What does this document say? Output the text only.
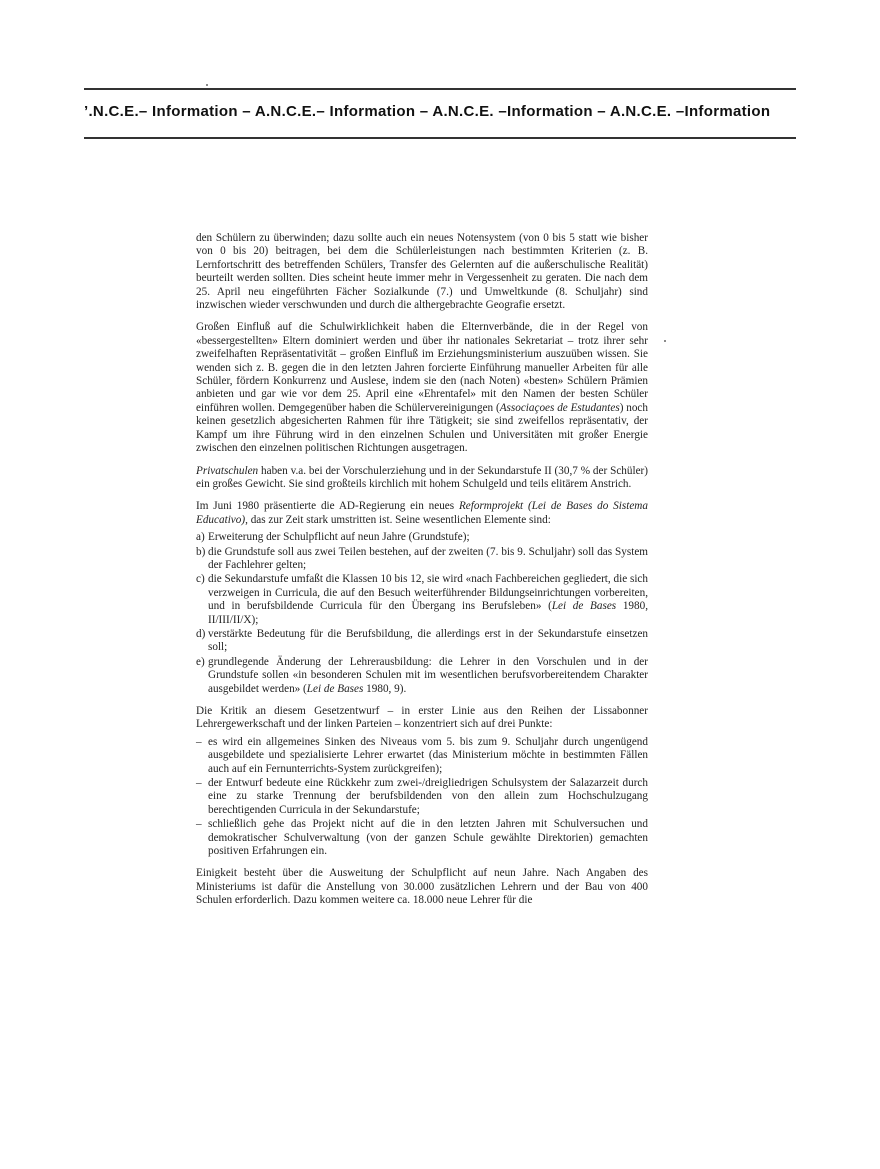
’.N.C.E.– Information – A.N.C.E.– Information – A.N.C.E. –Information – A.N.C.E. –Information

den Schülern zu überwinden; dazu sollte auch ein neues Notensystem (von 0 bis 5 statt wie bisher von 0 bis 20) beitragen, bei dem die Schülerleistungen nach bestimmten Kriterien (z. B. Lernfortschritt des betreffenden Schülers, Transfer des Gelernten auf die außerschulische Realität) beurteilt werden sollten. Dies scheint heute immer mehr in Vergessenheit zu geraten. Die nach dem 25. April neu eingeführten Fächer Sozialkunde (7.) und Umweltkunde (8. Schuljahr) sind inzwischen wieder verschwunden und durch die althergebrachte Geografie ersetzt.

Großen Einfluß auf die Schulwirklichkeit haben die Elternverbände, die in der Regel von «bessergestellten» Eltern dominiert werden und über ihr nationales Sekretariat – trotz ihrer sehr zweifelhaften Repräsentativität – großen Einfluß im Erziehungsministerium auszuüben wissen. Sie wenden sich z. B. gegen die in den letzten Jahren forcierte Einführung manueller Arbeiten für alle Schüler, fördern Konkurrenz und Auslese, indem sie den (nach Noten) «besten» Schülern Prämien anbieten und gar wie vor dem 25. April eine «Ehrentafel» mit den Namen der besten Schüler einführen wollen. Demgegenüber haben die Schülervereinigungen (Associaçoes de Estudantes) noch keinen gesetzlich abgesicherten Rahmen für ihre Tätigkeit; sie sind zweifellos repräsentativ, der Kampf um ihre Führung wird in den einzelnen Schulen und Universitäten mit großer Energie zwischen den einzelnen politischen Richtungen ausgetragen.

Privatschulen haben v.a. bei der Vorschulerziehung und in der Sekundarstufe II (30,7 % der Schüler) ein großes Gewicht. Sie sind großteils kirchlich mit hohem Schulgeld und teils elitärem Anstrich.

Im Juni 1980 präsentierte die AD-Regierung ein neues Reformprojekt (Lei de Bases do Sistema Educativo), das zur Zeit stark umstritten ist. Seine wesentlichen Elemente sind:

a) Erweiterung der Schulpflicht auf neun Jahre (Grundstufe);
b) die Grundstufe soll aus zwei Teilen bestehen, auf der zweiten (7. bis 9. Schuljahr) soll das System der Fachlehrer gelten;
c) die Sekundarstufe umfaßt die Klassen 10 bis 12, sie wird «nach Fachbereichen gegliedert, die sich verzweigen in Curricula, die auf den Besuch weiterführender Bildungseinrichtungen vorbereiten, und in berufsbildende Curricula für den Übergang ins Berufsleben» (Lei de Bases 1980, II/III/II/X);
d) verstärkte Bedeutung für die Berufsbildung, die allerdings erst in der Sekundarstufe einsetzen soll;
e) grundlegende Änderung der Lehrerausbildung: die Lehrer in den Vorschulen und in der Grundstufe sollen «in besonderen Schulen mit im wesentlichen berufsvorbereitendem Charakter ausgebildet werden» (Lei de Bases 1980, 9).

Die Kritik an diesem Gesetzentwurf – in erster Linie aus den Reihen der Lissabonner Lehrergewerkschaft und der linken Parteien – konzentriert sich auf drei Punkte:

– es wird ein allgemeines Sinken des Niveaus vom 5. bis zum 9. Schuljahr durch ungenügend ausgebildete und spezialisierte Lehrer erwartet (das Ministerium möchte in bestimmten Fällen auch auf ein Fernunterrichts-System zurückgreifen);
– der Entwurf bedeute eine Rückkehr zum zwei-/dreigliedrigen Schulsystem der Salazarzeit durch eine zu starke Trennung der berufsbildenden von den allein zum Hochschulzugang berechtigenden Curricula in der Sekundarstufe;
– schließlich gehe das Projekt nicht auf die in den letzten Jahren mit Schulversuchen und demokratischer Schulverwaltung (von der ganzen Schule gewählte Direktorien) gemachten positiven Erfahrungen ein.

Einigkeit besteht über die Ausweitung der Schulpflicht auf neun Jahre. Nach Angaben des Ministeriums ist dafür die Anstellung von 30.000 zusätzlichen Lehrern und der Bau von 400 Schulen erforderlich. Dazu kommen weitere ca. 18.000 neue Lehrer für die
